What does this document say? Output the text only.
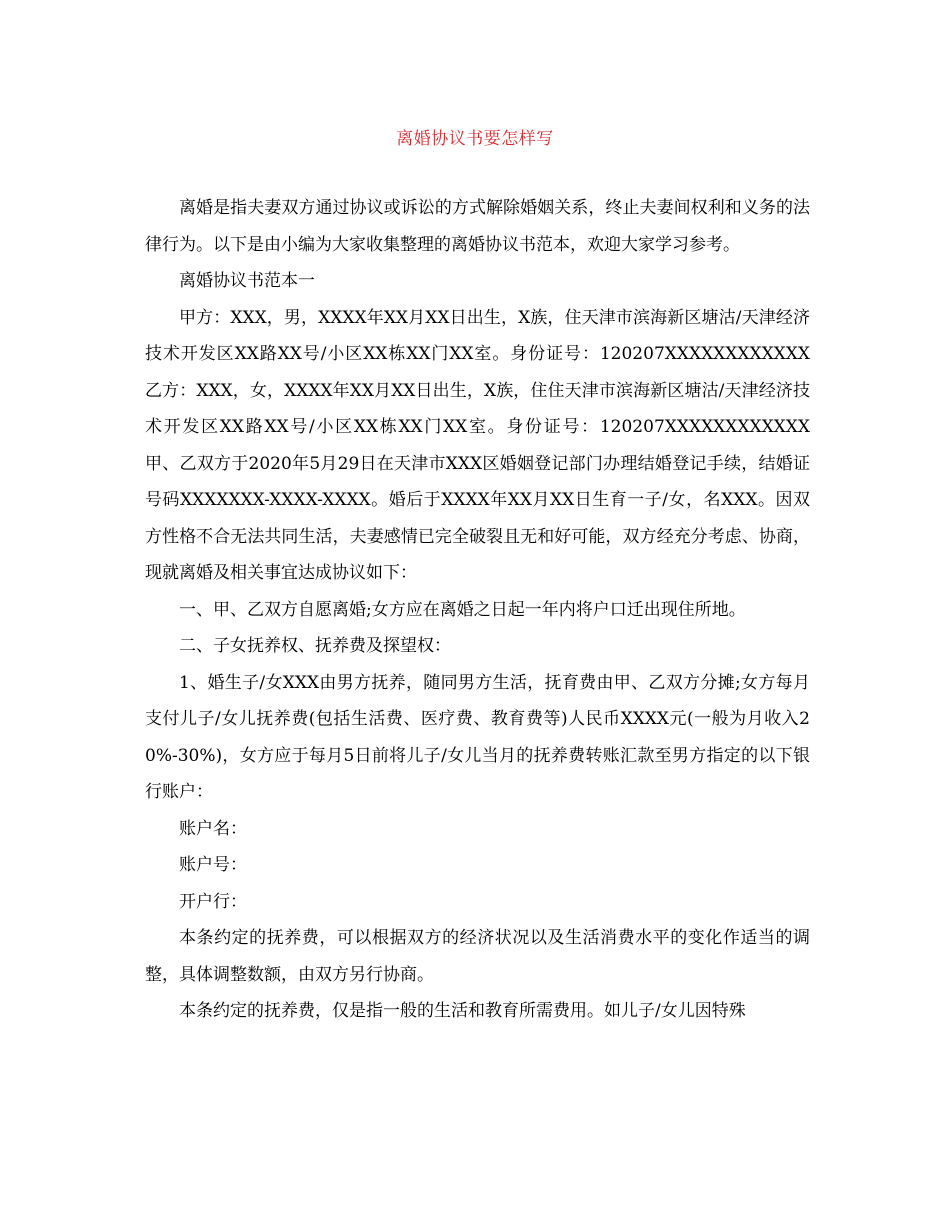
离婚协议书要怎样写

离婚是指夫妻双方通过协议或诉讼的方式解除婚姻关系，终止夫妻间权利和义务的法律行为。以下是由小编为大家收集整理的离婚协议书范本，欢迎大家学习参考。

离婚协议书范本一

甲方：XXX，男，XXXX年XX月XX日出生，X族，住天津市滨海新区塘沽/天津经济技术开发区XX路XX号/小区XX栋XX门XX室。身份证号：120207XXXXXXXXXXXX 乙方：XXX，女，XXXX年XX月XX日出生，X族，住住天津市滨海新区塘沽/天津经济技术开发区XX路XX号/小区XX栋XX门XX室。身份证号：120207XXXXXXXXXXXX 甲、乙双方于2020年5月29日在天津市XXX区婚姻登记部门办理结婚登记手续，结婚证号码XXXXXXX-XXXX-XXXX。婚后于XXXX年XX月XX日生育一子/女，名XXX。因双方性格不合无法共同生活，夫妻感情已完全破裂且无和好可能，双方经充分考虑、协商，现就离婚及相关事宜达成协议如下：

一、甲、乙双方自愿离婚;女方应在离婚之日起一年内将户口迁出现住所地。

二、子女抚养权、抚养费及探望权：

1、婚生子/女XXX由男方抚养，随同男方生活，抚育费由甲、乙双方分摊;女方每月支付儿子/女儿抚养费(包括生活费、医疗费、教育费等)人民币XXXX元(一般为月收入20%-30%)，女方应于每月5日前将儿子/女儿当月的抚养费转账汇款至男方指定的以下银行账户：

账户名：

账户号：

开户行：

本条约定的抚养费，可以根据双方的经济状况以及生活消费水平的变化作适当的调整，具体调整数额，由双方另行协商。

本条约定的抚养费，仅是指一般的生活和教育所需费用。如儿子/女儿因特殊
